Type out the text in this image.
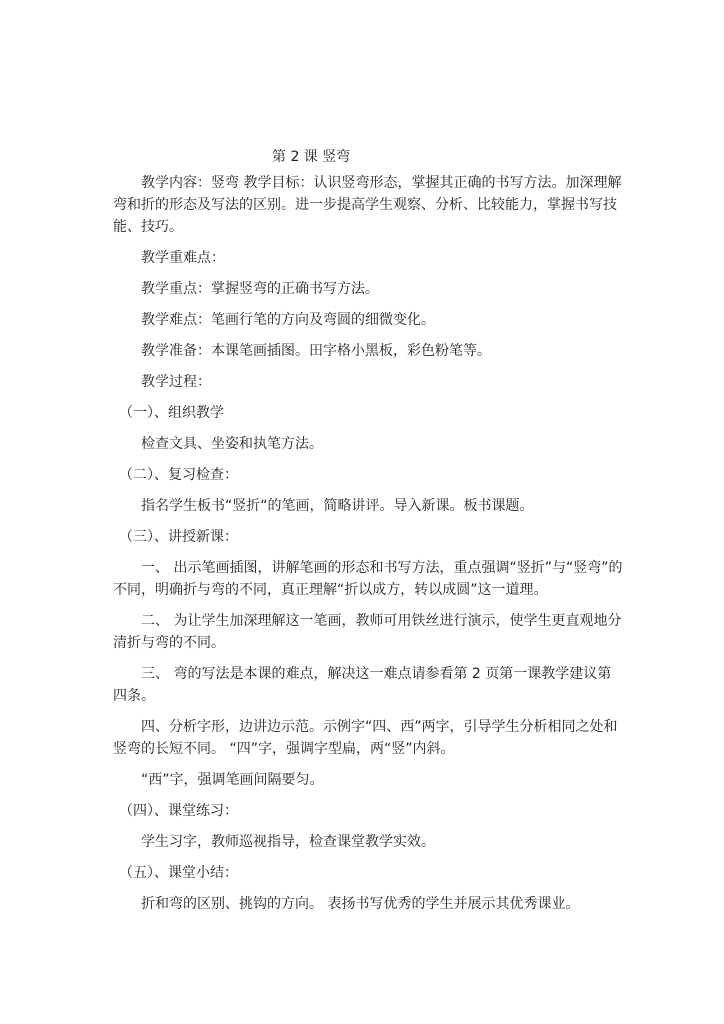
第 2 课 竖弯

教学内容：竖弯 教学目标：认识竖弯形态，掌握其正确的书写方法。加深理解弯和折的形态及写法的区别。进一步提高学生观察、分析、比较能力，掌握书写技能、技巧。

教学重难点：

教学重点：掌握竖弯的正确书写方法。

教学难点：笔画行笔的方向及弯圆的细微变化。

教学准备：本课笔画插图。田字格小黑板，彩色粉笔等。

教学过程：

（一）、组织教学

检查文具、坐姿和执笔方法。

（二）、复习检查：

指名学生板书“竖折“的笔画，简略讲评。导入新课。板书课题。

（三）、讲授新课：

一、 出示笔画插图，讲解笔画的形态和书写方法，重点强调“竖折”与“竖弯”的不同，明确折与弯的不同，真正理解“折以成方，转以成圆”这一道理。

二、 为让学生加深理解这一笔画，教师可用铁丝进行演示，使学生更直观地分清折与弯的不同。

三、 弯的写法是本课的难点，解决这一难点请参看第 2 页第一课教学建议第四条。

四、分析字形，边讲边示范。示例字“四、西”两字，引导学生分析相同之处和竖弯的长短不同。 “四”字，强调字型扁，两“竖”内斜。

“西”字，强调笔画间隔要匀。

（四）、课堂练习：

学生习字，教师巡视指导，检查课堂教学实效。

（五）、课堂小结：

折和弯的区别、挑钩的方向。 表扬书写优秀的学生并展示其优秀课业。
